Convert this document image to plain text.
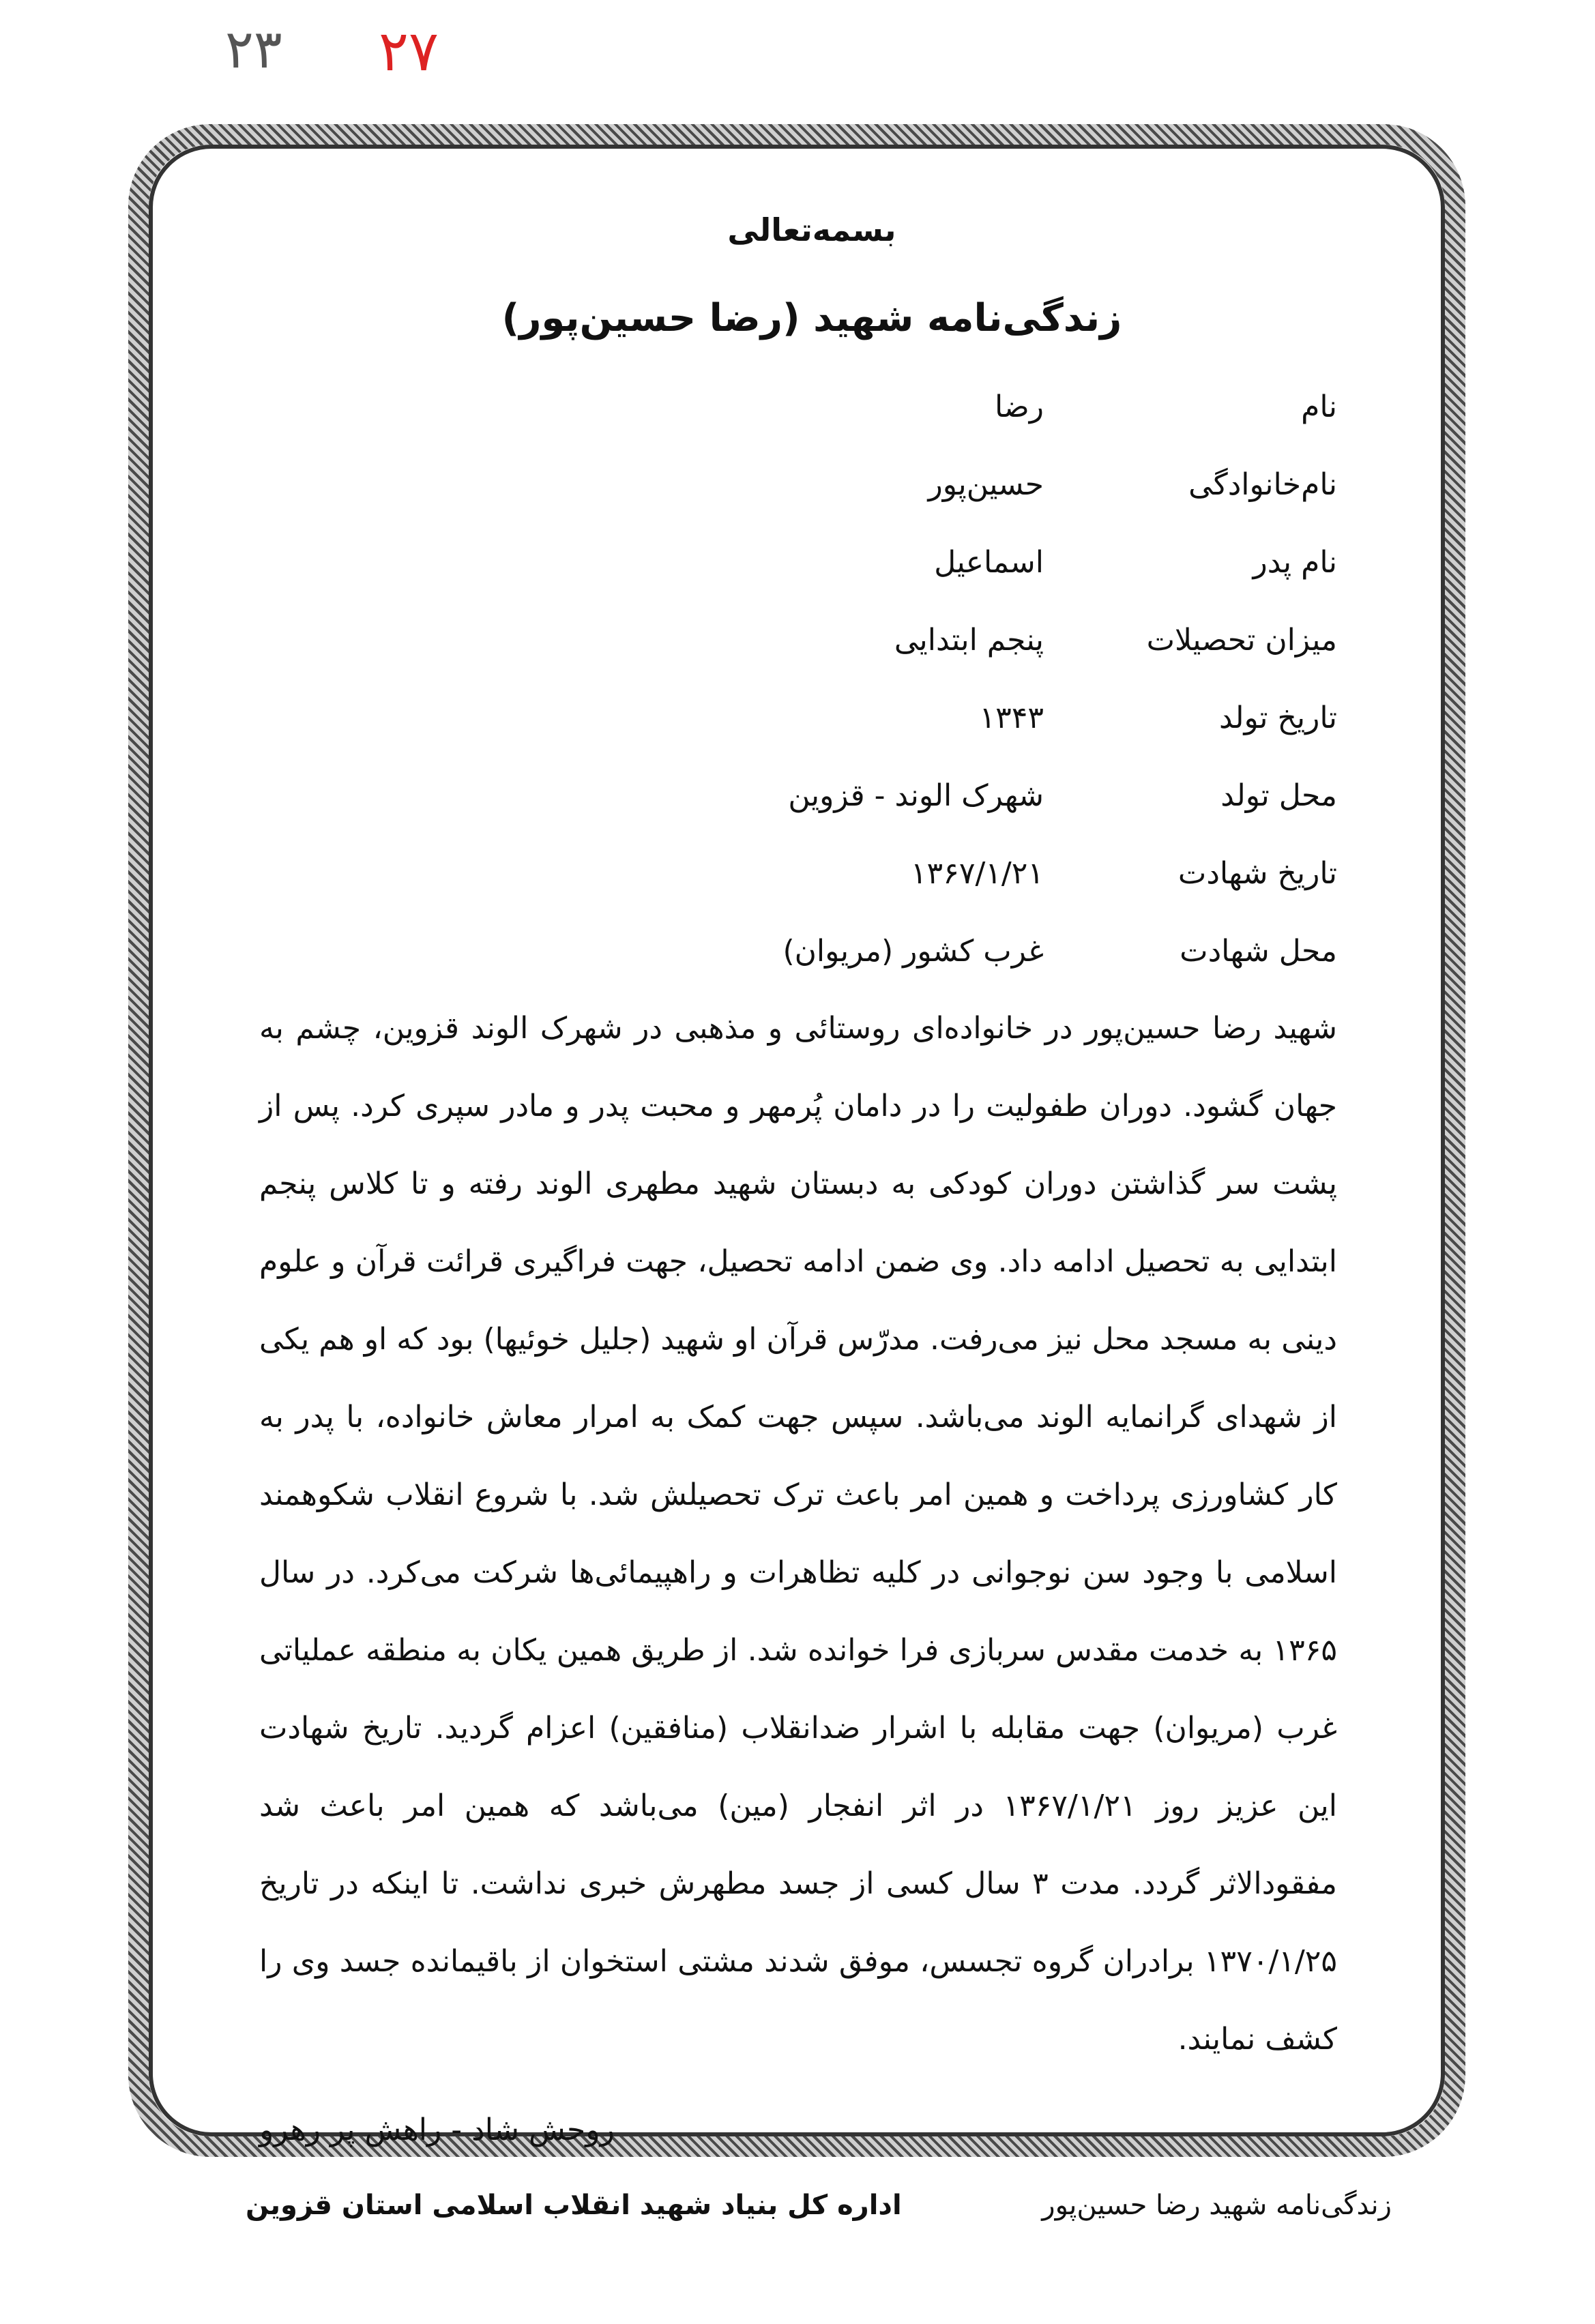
۲۳ ۲۷
بسمه‌تعالی
زندگی‌نامه شهید (رضا حسین‌پور)
نام
رضا
نام‌خانوادگی
حسین‌پور
نام پدر
اسماعیل
میزان تحصیلات
پنجم ابتدایی
تاریخ تولد
۱۳۴۳
محل تولد
شهرک الوند - قزوین
تاریخ شهادت
۱۳۶۷/۱/۲۱
محل شهادت
غرب کشور (مریوان)

شهید رضا حسین‌پور در خانواده‌ای روستائی و مذهبی در شهرک الوند قزوین، چشم به جهان گشود. دوران طفولیت را در دامان پُرمهر و محبت پدر و مادر سپری کرد. پس از پشت سر گذاشتن دوران کودکی به دبستان شهید مطهری الوند رفته و تا کلاس پنجم ابتدایی به تحصیل ادامه داد. وی ضمن ادامه تحصیل، جهت فراگیری قرائت قرآن و علوم دینی به مسجد محل نیز می‌رفت. مدرّس قرآن او شهید (جلیل خوئیها) بود که او هم یکی از شهدای گرانمایه الوند می‌باشد. سپس جهت کمک به امرار معاش خانواده، با پدر به کار کشاورزی پرداخت و همین امر باعث ترک تحصیلش شد. با شروع انقلاب شکوهمند اسلامی با وجود سن نوجوانی در کلیه تظاهرات و راهپیمائی‌ها شرکت می‌کرد. در سال ۱۳۶۵ به خدمت مقدس سربازی فرا خوانده شد. از طریق همین یکان به منطقه عملیاتی غرب (مریوان) جهت مقابله با اشرار ضدانقلاب (منافقین) اعزام گردید. تاریخ شهادت این عزیز روز ۱۳۶۷/۱/۲۱ در اثر انفجار (مین) می‌باشد که همین امر باعث شد مفقودالاثر گردد. مدت ۳ سال کسی از جسد مطهرش خبری نداشت. تا اینکه در تاریخ ۱۳۷۰/۱/۲۵ برادران گروه تجسس، موفق شدند مشتی استخوان از باقیمانده جسد وی را کشف نمایند.

روحش شاد - راهش پر رهرو
زندگی‌نامه شهید رضا حسین‌پور
اداره کل بنیاد شهید انقلاب اسلامی استان قزوین
